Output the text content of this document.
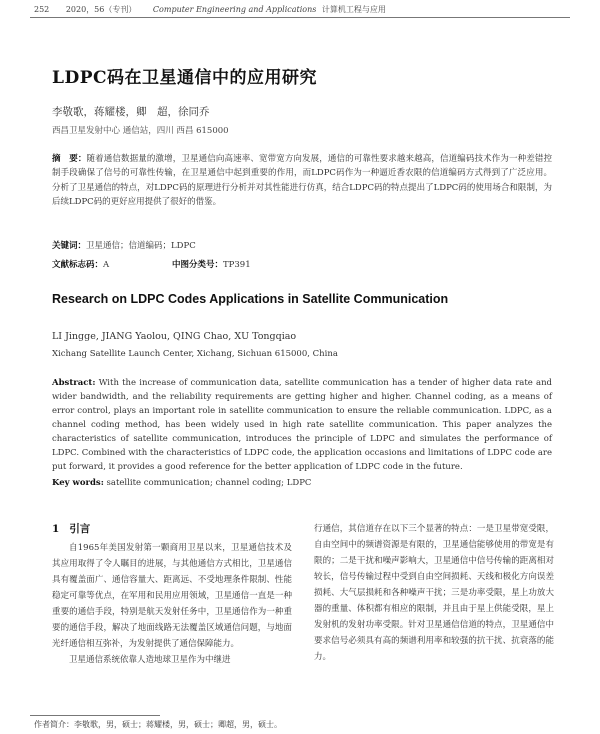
252 2020，56（专刊） Computer Engineering and Applications 计算机工程与应用
LDPC码在卫星通信中的应用研究
李敬歌，蒋耀楼，卿　超，徐同乔
西昌卫星发射中心 通信站，四川 西昌 615000
摘　要：随着通信数据量的激增，卫星通信向高速率、宽带宽方向发展，通信的可靠性要求越来越高，信道编码技术作为一种差错控制手段确保了信号的可靠性传输，在卫星通信中起到重要的作用，而LDPC码作为一种逼近香农限的信道编码方式得到了广泛应用。分析了卫星通信的特点，对LDPC码的原理进行分析并对其性能进行仿真，结合LDPC码的特点提出了LDPC码的使用场合和限制，为后续LDPC码的更好应用提供了很好的借鉴。
关键词：卫星通信；信道编码；LDPC
文献标志码：A	中图分类号：TP391
Research on LDPC Codes Applications in Satellite Communication
LI Jingge, JIANG Yaolou, QING Chao, XU Tongqiao
Xichang Satellite Launch Center, Xichang, Sichuan 615000, China
Abstract: With the increase of communication data, satellite communication has a tender of higher data rate and wider bandwidth, and the reliability requirements are getting higher and higher. Channel coding, as a means of error control, plays an important role in satellite communication to ensure the reliable communication. LDPC, as a channel coding method, has been widely used in high rate satellite communication. This paper analyzes the characteristics of satellite communication, introduces the principle of LDPC and simulates the performance of LDPC. Combined with the characteristics of LDPC code, the application occasions and limitations of LDPC code are put forward, it provides a good reference for the better application of LDPC code in the future.
Key words: satellite communication; channel coding; LDPC
1 引言

自1965年美国发射第一颗商用卫星以来，卫星通信技术及其应用取得了令人瞩目的进展，与其他通信方式相比，卫星通信具有覆盖面广、通信容量大、距离远、不受地理条件限制、性能稳定可靠等优点，在军用和民用应用领域，卫星通信一直是一种重要的通信手段，特别是航天发射任务中，卫星通信作为一种重要的通信手段，解决了地面线路无法覆盖区域通信问题，与地面光纤通信相互弥补，为发射提供了通信保障能力。

卫星通信系统依靠人造地球卫星作为中继进

行通信，其信道存在以下三个显著的特点：一是卫星带宽受限，自由空间中的频谱资源是有限的，卫星通信能够使用的带宽是有限的；二是干扰和噪声影响大，卫星通信中信号传输的距离相对较长，信号传输过程中受到自由空间损耗、天线和极化方向误差损耗、大气层损耗和各种噪声干扰；三是功率受限，星上功放大器的重量、体积都有相应的限制，并且由于星上供能受限，星上发射机的发射功率受限。针对卫星通信信道的特点，卫星通信中要求信号必须具有高的频谱利用率和较强的抗干扰、抗衰落的能力。

作者简介：李敬歌，男，硕士；蒋耀楼，男，硕士；卿超，男，硕士。
